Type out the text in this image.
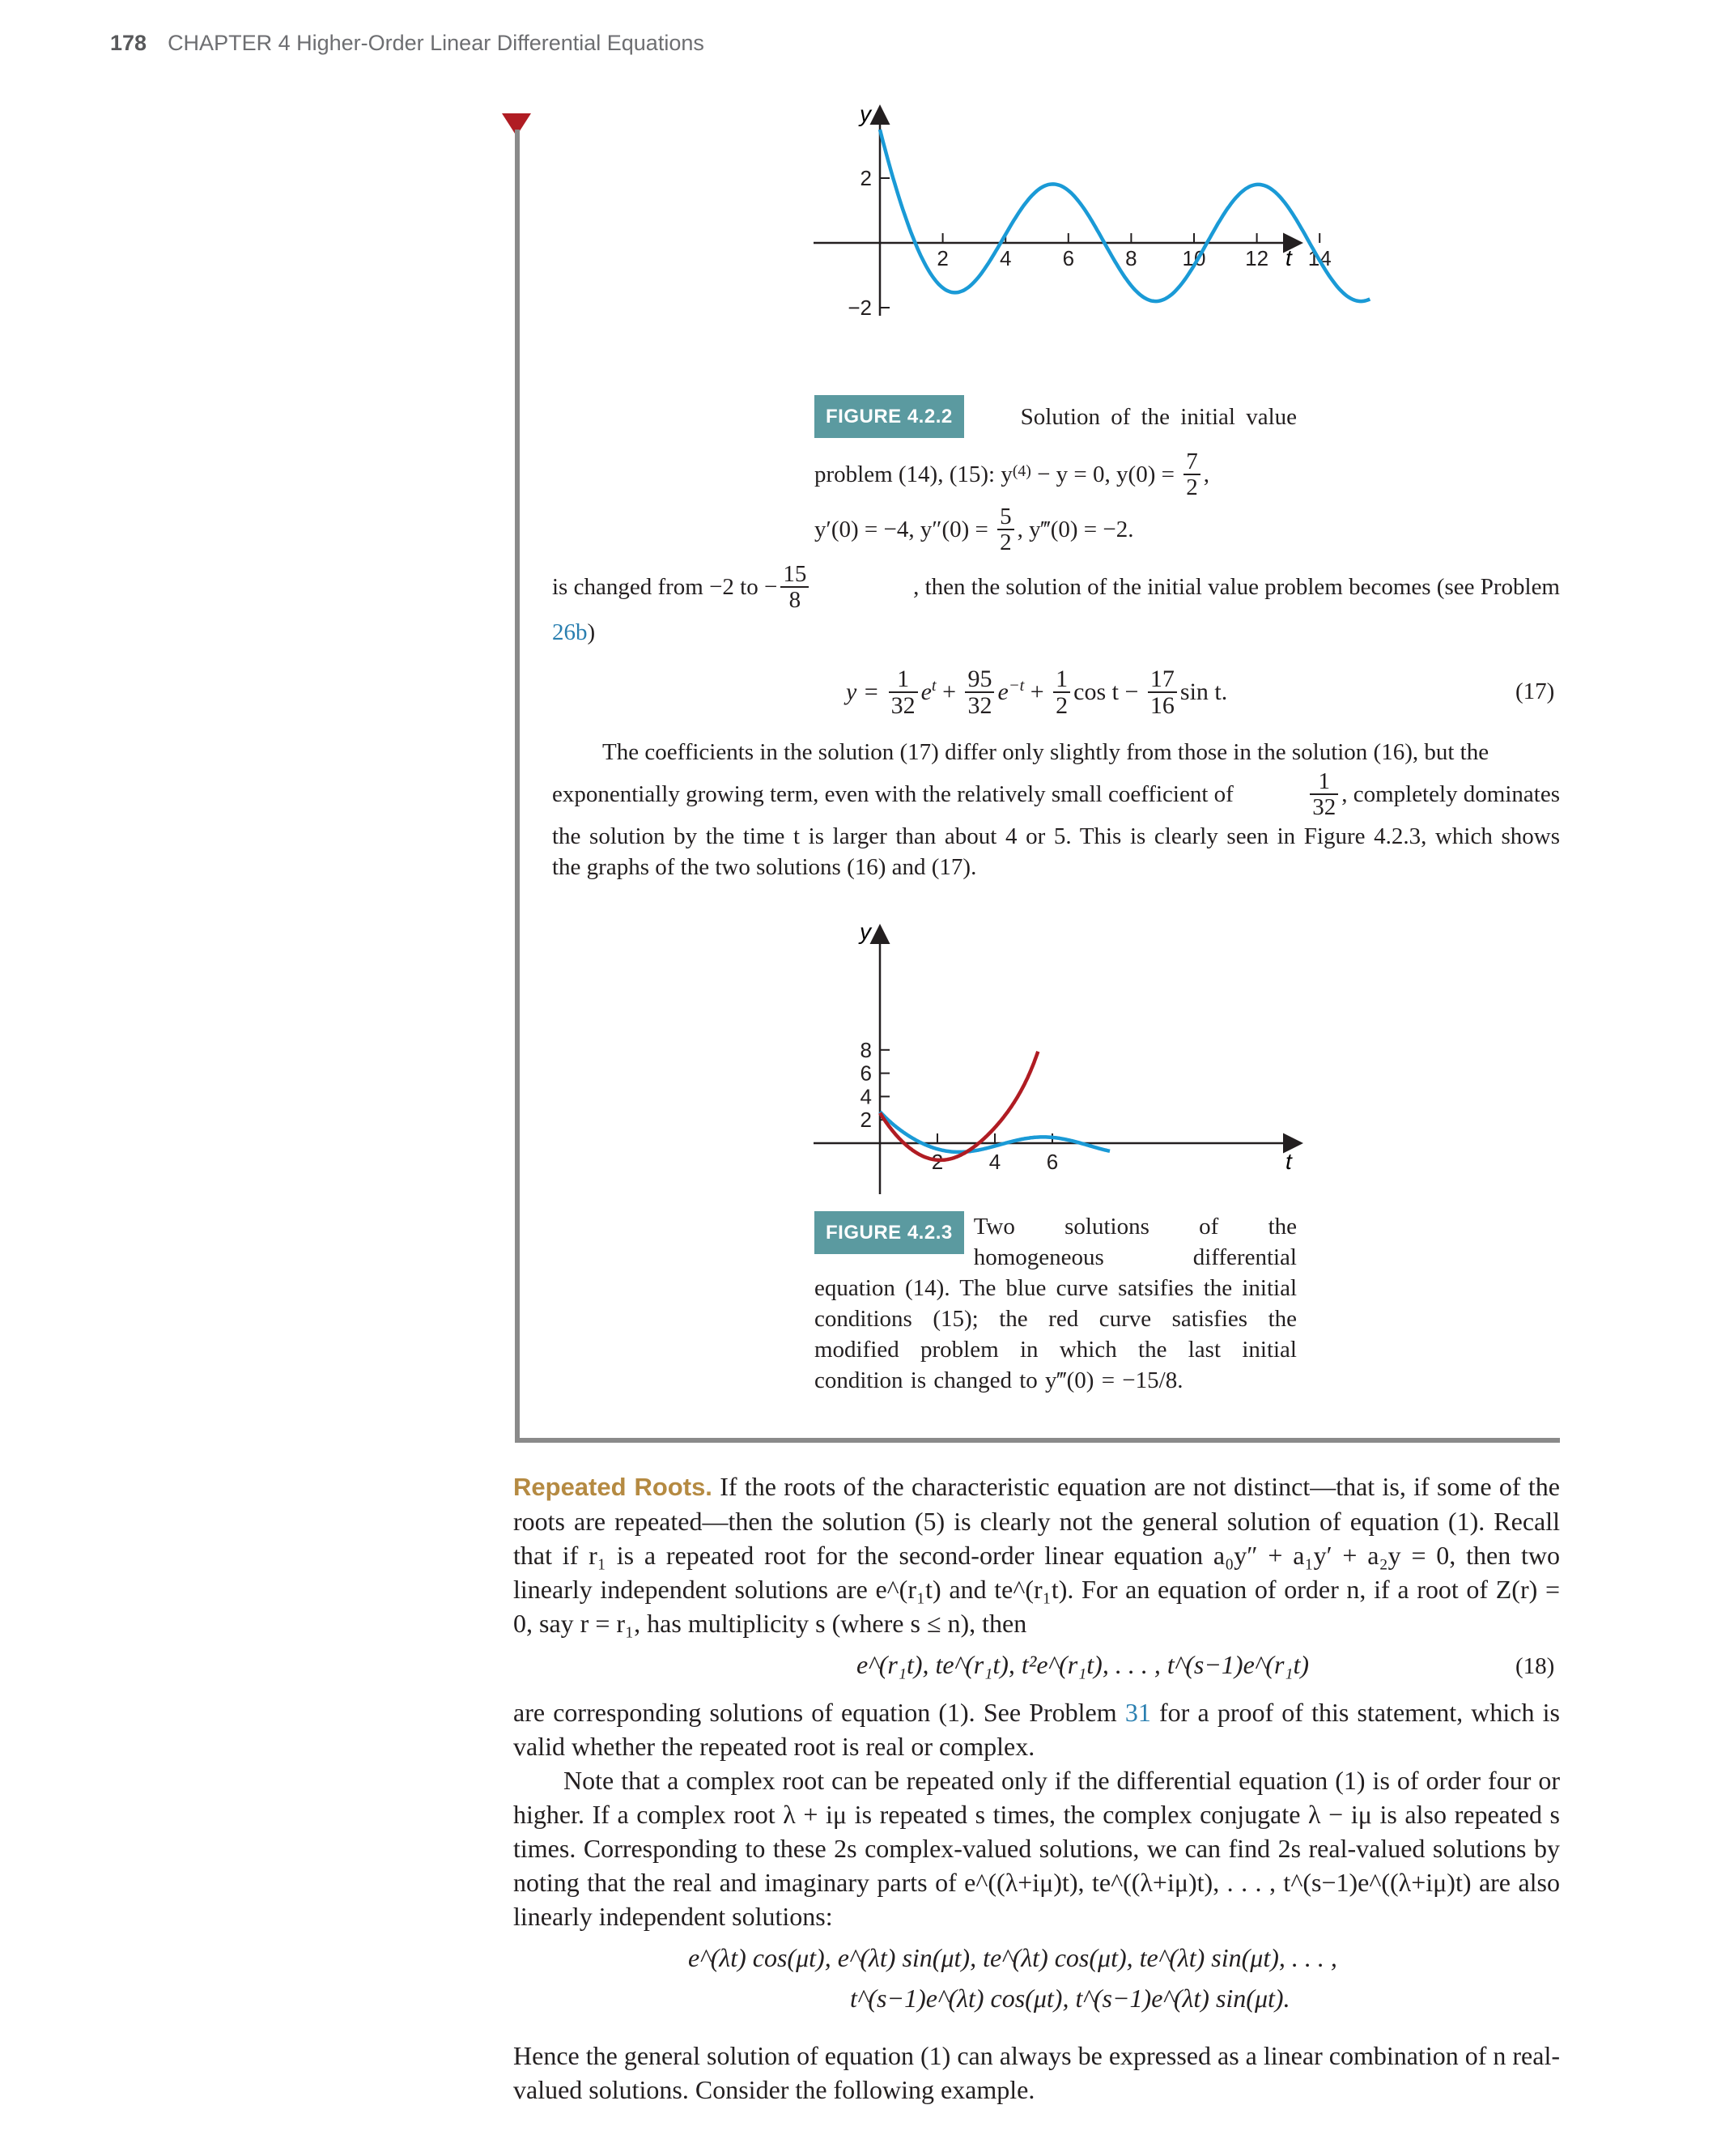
178 CHAPTER 4 Higher-Order Linear Differential Equations
2 4 6 8 10 12 14
2
−2
y
t
FIGURE 4.2.2	Solution of the initial value
problem (14), (15): $y^{(4)} - y = 0$, $y(0) = \frac{7}{2}$ ,
y′(0) = −4, $y''(0) = \frac{5}{2}$ , y‴(0) = −2.
is changed from −2 to − $\frac{15}{8}$	, then the solution of the initial value problem becomes (see Problem
26b)
$y = \frac{1}{32} e^t + \frac{95}{32} e^{-t} + \frac{1}{2}$ $\cos t - \frac{17}{16}$ sin t.	(17)
The coefficients in the solution (17) differ only slightly from those in the solution (16), but the
exponentially growing term, even with the relatively small coefficient of	$\frac{1}{32}$ , completely dominates
the solution by the time t is larger than about 4 or 5. This is clearly seen in Figure 4.2.3, which shows
the graphs of the two solutions (16) and (17).
2 4 6
8
6
4
2
y
t
FIGURE 4.2.3 Two solutions of the homogeneous differential equation (14). The blue curve satsifies the initial conditions (15); the red curve satisfies the modified problem in which the last initial condition is changed to y‴(0) = −15/8.
Repeated Roots. If the roots of the characteristic equation are not distinct—that is, if some of the roots are repeated—then the solution (5) is clearly not the general solution of equation (1). Recall that if r₁ is a repeated root for the second-order linear equation a₀y″ + a₁y′ + a₂y = 0, then two linearly independent solutions are e^(r₁t) and te^(r₁t). For an equation of order n, if a root of Z(r) = 0, say r = r₁, has multiplicity s (where s ≤ n), then
e^(r₁t), te^(r₁t), t²e^(r₁t), . . . , t^(s−1)e^(r₁t)	(18)
are corresponding solutions of equation (1). See Problem 31 for a proof of this statement, which is valid whether the repeated root is real or complex.
Note that a complex root can be repeated only if the differential equation (1) is of order four or higher. If a complex root λ + iμ is repeated s times, the complex conjugate λ − iμ is also repeated s times. Corresponding to these 2s complex-valued solutions, we can find 2s real-valued solutions by noting that the real and imaginary parts of e^((λ+iμ)t), te^((λ+iμ)t), . . . , t^(s−1)e^((λ+iμ)t) are also linearly independent solutions:
e^(λt) cos(μt), e^(λt) sin(μt), te^(λt) cos(μt), te^(λt) sin(μt), . . . ,
t^(s−1)e^(λt) cos(μt), t^(s−1)e^(λt) sin(μt).
Hence the general solution of equation (1) can always be expressed as a linear combination of n real-valued solutions. Consider the following example.
